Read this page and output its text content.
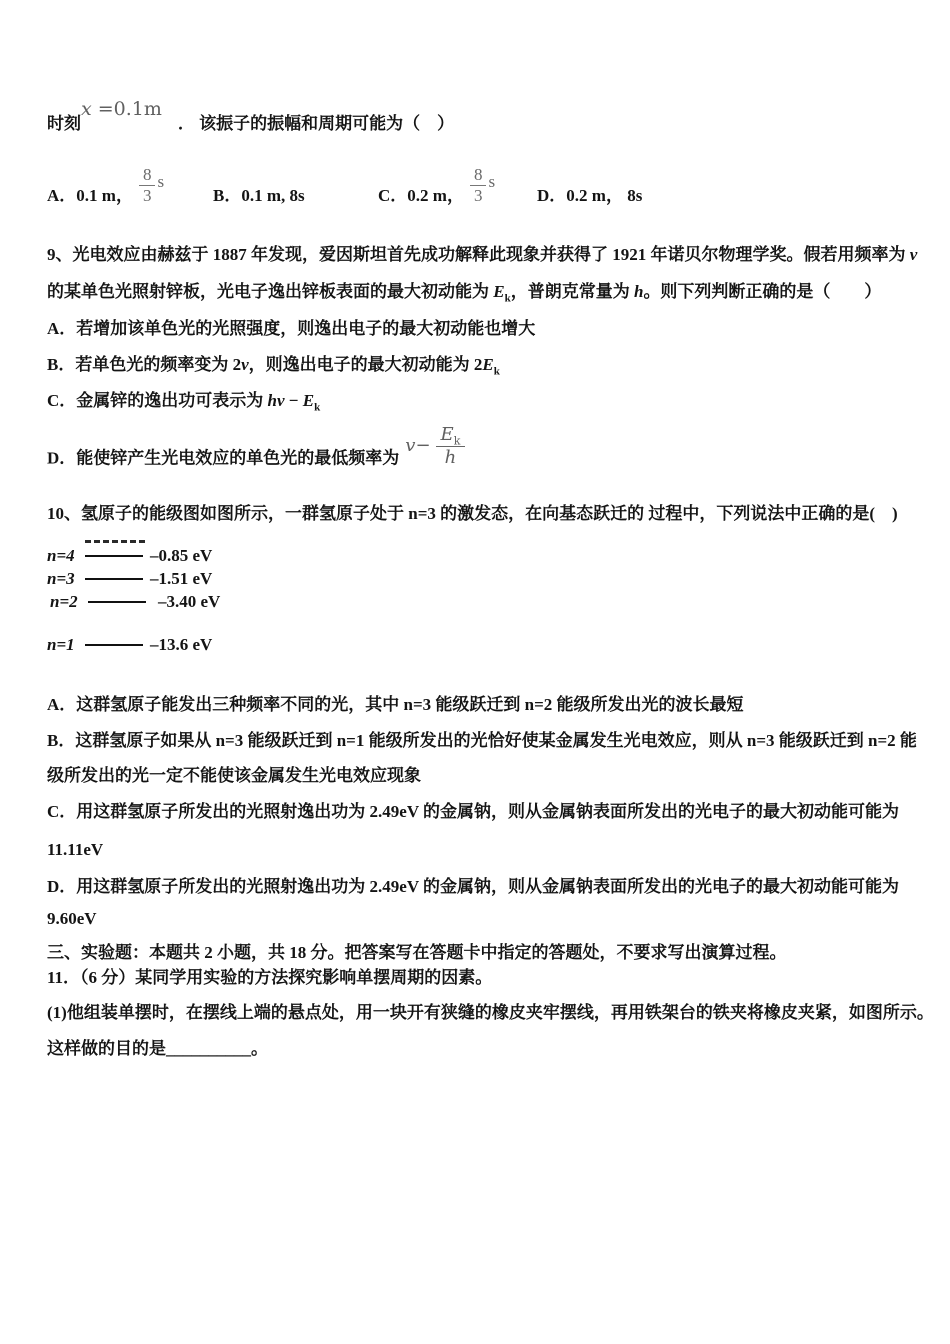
时刻x =0.1m． 该振子的振幅和周期可能为（　）
A．0.1 m， $\frac{8}{3}$ s
B．0.1 m, 8s	C．0.2 m， $\frac{8}{3}$ s
D．0.2 m， 8s
9、光电效应由赫兹于 1887 年发现，爱因斯坦首先成功解释此现象并获得了 1921 年诺贝尔物理学奖。假若用频率为 v
的某单色光照射锌板，光电子逸出锌板表面的最大初动能为 $E_k$，普朗克常量为 h。则下列判断正确的是（　　）
A．若增加该单色光的光照强度，则逸出电子的最大初动能也增大
B．若单色光的频率变为 2v，则逸出电子的最大初动能为 $2E_k$
C．金属锌的逸出功可表示为 hv − $E_k$
D．能使锌产生光电效应的单色光的最低频率为
$v - \frac{E_k}{h}$
10、氢原子的能级图如图所示，一群氢原子处于 n=3 的激发态，在向基态跃迁的 过程中，下列说法中正确的是(　)
n=4	–0.85 eV
n=3	–1.51 eV
n=2	–3.40 eV
n=1	–13.6 eV
A．这群氢原子能发出三种频率不同的光，其中 n=3 能级跃迁到 n=2 能级所发出光的波长最短
B．这群氢原子如果从 n=3 能级跃迁到 n=1 能级所发出的光恰好使某金属发生光电效应，则从 n=3 能级跃迁到 n=2 能
级所发出的光一定不能使该金属发生光电效应现象
C．用这群氢原子所发出的光照射逸出功为 2.49eV 的金属钠，则从金属钠表面所发出的光电子的最大初动能可能为
11.11eV
D．用这群氢原子所发出的光照射逸出功为 2.49eV 的金属钠，则从金属钠表面所发出的光电子的最大初动能可能为
9.60eV
三、实验题：本题共 2 小题，共 18 分。把答案写在答题卡中指定的答题处，不要求写出演算过程。
11．（6 分）某同学用实验的方法探究影响单摆周期的因素。
(1)他组装单摆时，在摆线上端的悬点处，用一块开有狭缝的橡皮夹牢摆线，再用铁架台的铁夹将橡皮夹紧，如图所示。
这样做的目的是__________。
